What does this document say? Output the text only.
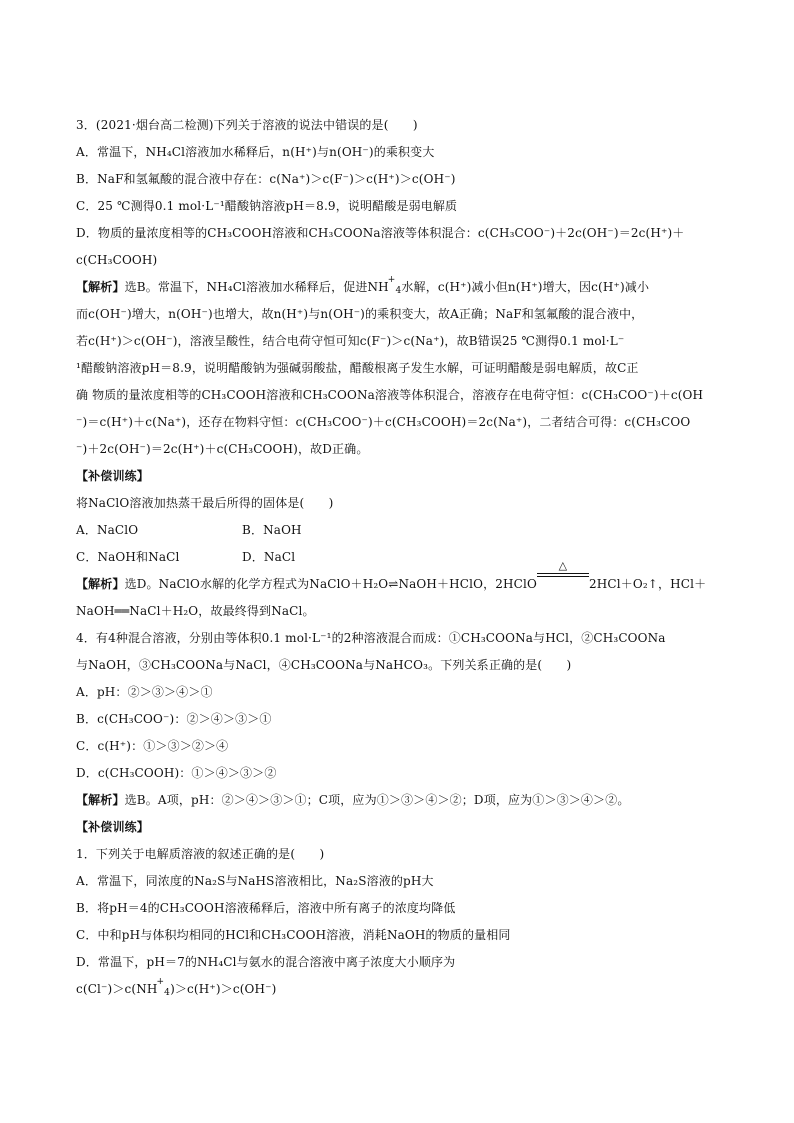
3．(2021·烟台高二检测)下列关于溶液的说法中错误的是(　　)
A．常温下，NH₄Cl溶液加水稀释后，n(H⁺)与n(OH⁻)的乘积变大
B．NaF和氢氟酸的混合液中存在：c(Na⁺)＞c(F⁻)＞c(H⁺)＞c(OH⁻)
C．25 ℃测得0.1 mol·L⁻¹醋酸钠溶液pH＝8.9，说明醋酸是弱电解质
D．物质的量浓度相等的CH₃COOH溶液和CH₃COONa溶液等体积混合：c(CH₃COO⁻)＋2c(OH⁻)＝2c(H⁺)＋
c(CH₃COOH)
【解析】选B。常温下，NH₄Cl溶液加水稀释后，促进$NH^+_4$水解，c(H⁺)减小但n(H⁺)增大，因c(H⁺)减小
而c(OH⁻)增大，n(OH⁻)也增大，故n(H⁺)与n(OH⁻)的乘积变大，故A正确；NaF和氢氟酸的混合液中，
若c(H⁺)＞c(OH⁻)，溶液呈酸性，结合电荷守恒可知c(F⁻)＞c(Na⁺)，故B错误25 ℃测得0.1 mol·L⁻
¹醋酸钠溶液pH＝8.9，说明醋酸钠为强碱弱酸盐，醋酸根离子发生水解，可证明醋酸是弱电解质，故C正
确 物质的量浓度相等的CH₃COOH溶液和CH₃COONa溶液等体积混合，溶液存在电荷守恒：c(CH₃COO⁻)＋c(OH
⁻)＝c(H⁺)＋c(Na⁺)，还存在物料守恒：c(CH₃COO⁻)＋c(CH₃COOH)＝2c(Na⁺)，二者结合可得：c(CH₃COO
⁻)＋2c(OH⁻)＝2c(H⁺)＋c(CH₃COOH)，故D正确。
【补偿训练】
将NaClO溶液加热蒸干最后所得的固体是(　　)
A．NaClO	B．NaOH
C．NaOH和NaCl	D．NaCl
【解析】选D。NaClO水解的化学方程式为NaClO＋H₂O⇌NaOH＋HClO，2HClO
△
2HCl＋O₂↑，HCl＋
NaOH══NaCl＋H₂O，故最终得到NaCl。
4．有4种混合溶液，分别由等体积0.1 mol·L⁻¹的2种溶液混合而成：①CH₃COONa与HCl，②CH₃COONa
与NaOH，③CH₃COONa与NaCl，④CH₃COONa与NaHCO₃。下列关系正确的是(　　)
A．pH：②＞③＞④＞①
B．c(CH₃COO⁻)：②＞④＞③＞①
C．c(H⁺)：①＞③＞②＞④
D．c(CH₃COOH)：①＞④＞③＞②
【解析】选B。A项，pH：②＞④＞③＞①；C项，应为①＞③＞④＞②；D项，应为①＞③＞④＞②。
【补偿训练】
1．下列关于电解质溶液的叙述正确的是(　　)
A．常温下，同浓度的Na₂S与NaHS溶液相比，Na₂S溶液的pH大
B．将pH＝4的CH₃COOH溶液稀释后，溶液中所有离子的浓度均降低
C．中和pH与体积均相同的HCl和CH₃COOH溶液，消耗NaOH的物质的量相同
D．常温下，pH＝7的NH₄Cl与氨水的混合溶液中离子浓度大小顺序为
$c(Cl^-)>c(NH^+_4)>c(H^+)>c(OH^-)$
